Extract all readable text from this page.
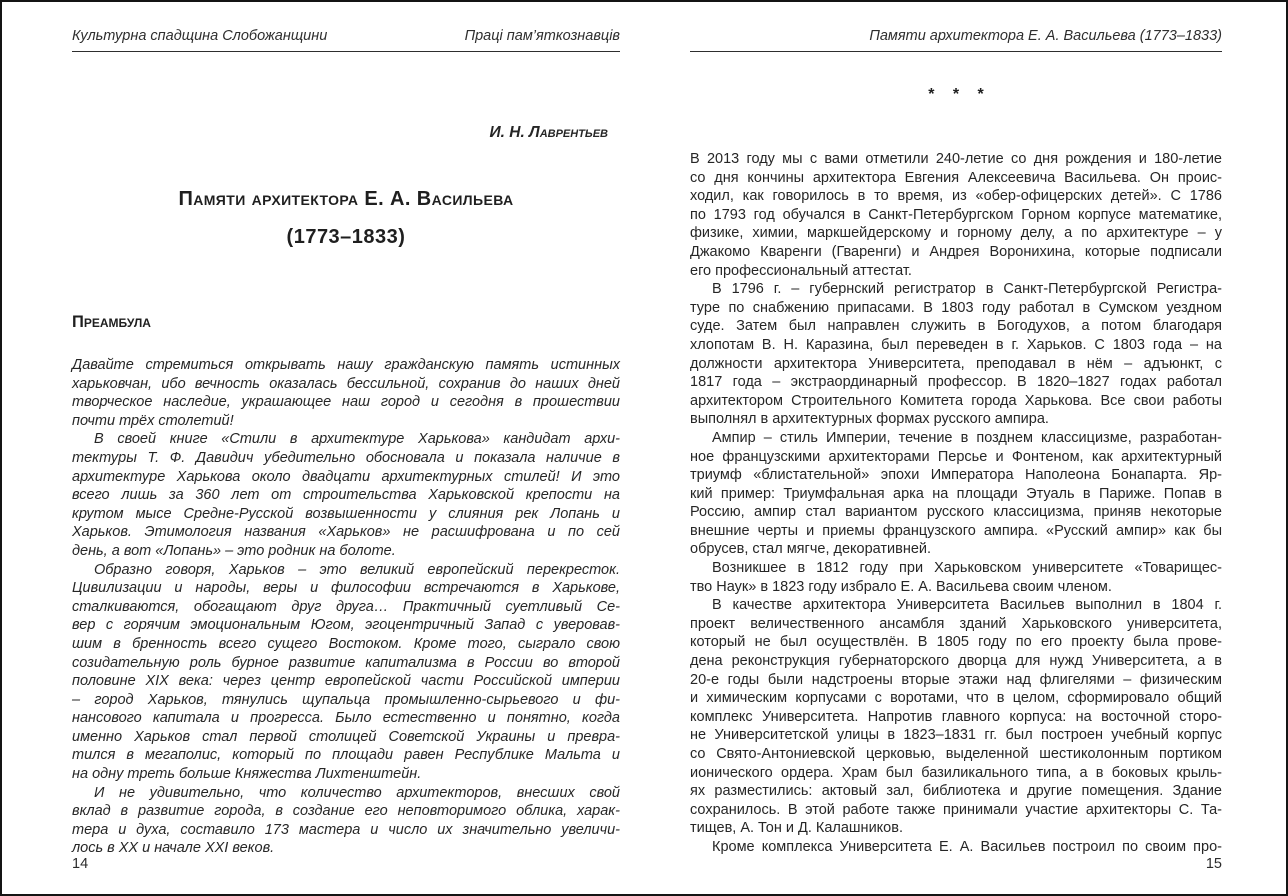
Культурна спадщина Слобожанщини	Праці пам’яткознавців
И. Н. Лаврентьев
Памяти архитектора Е. А. Васильева
(1773–1833)
Преамбула
Давайте стремиться открывать нашу гражданскую память истинных
харьковчан, ибо вечность оказалась бессильной, сохранив до наших дней
творческое наследие, украшающее наш город и сегодня в прошествии
почти трёх столетий!
В своей книге «Стили в архитектуре Харькова» кандидат архи-
тектуры Т. Ф. Давидич убедительно обосновала и показала наличие в
архитектуре Харькова около двадцати архитектурных стилей! И это
всего лишь за 360 лет от строительства Харьковской крепости на
крутом мысе Средне-Русской возвышенности у слияния рек Лопань и
Харьков. Этимология названия «Харьков» не расшифрована и по сей
день, а вот «Лопань» – это родник на болоте.
Образно говоря, Харьков – это великий европейский перекресток.
Цивилизации и народы, веры и философии встречаются в Харькове,
сталкиваются, обогащают друг друга… Практичный суетливый Се-
вер с горячим эмоциональным Югом, эгоцентричный Запад с уверовав-
шим в бренность всего сущего Востоком. Кроме того, сыграло свою
созидательную роль бурное развитие капитализма в России во второй
половине XIX века: через центр европейской части Российской империи
– город Харьков, тянулись щупальца промышленно-сырьевого и фи-
нансового капитала и прогресса. Было естественно и понятно, когда
именно Харьков стал первой столицей Советской Украины и превра-
тился в мегаполис, который по площади равен Республике Мальта и
на одну треть больше Княжества Лихтенштейн.
И не удивительно, что количество архитекторов, внесших свой
вклад в развитие города, в создание его неповторимого облика, харак-
тера и духа, составило 173 мастера и число их значительно увеличи-
лось в XX и начале XXI веков.
14
Памяти архитектора Е. А. Васильева (1773–1833)
* * *
В 2013 году мы с вами отметили 240-летие со дня рождения и 180-летие
со дня кончины архитектора Евгения Алексеевича Васильева. Он проис-
ходил, как говорилось в то время, из «обер-офицерских детей». С 1786
по 1793 год обучался в Санкт-Петербургском Горном корпусе математике,
физике, химии, маркшейдерскому и горному делу, а по архитектуре – у
Джакомо Кваренги (Гваренги) и Андрея Воронихина, которые подписали
его профессиональный аттестат.
В 1796 г. – губернский регистратор в Санкт-Петербургской Регистра-
туре по снабжению припасами. В 1803 году работал в Сумском уездном
суде. Затем был направлен служить в Богодухов, а потом благодаря
хлопотам В. Н. Каразина, был переведен в г. Харьков. С 1803 года – на
должности архитектора Университета, преподавал в нём – адъюнкт, с
1817 года – экстраординарный профессор. В 1820–1827 годах работал
архитектором Строительного Комитета города Харькова. Все свои работы
выполнял в архитектурных формах русского ампира.
Ампир – стиль Империи, течение в позднем классицизме, разработан-
ное французскими архитекторами Персье и Фонтеном, как архитектурный
триумф «блистательной» эпохи Императора Наполеона Бонапарта. Яр-
кий пример: Триумфальная арка на площади Этуаль в Париже. Попав в
Россию, ампир стал вариантом русского классицизма, приняв некоторые
внешние черты и приемы французского ампира. «Русский ампир» как бы
обрусев, стал мягче, декоративней.
Возникшее в 1812 году при Харьковском университете «Товарищес-
тво Наук» в 1823 году избрало Е. А. Васильева своим членом.
В качестве архитектора Университета Васильев выполнил в 1804 г.
проект величественного ансамбля зданий Харьковского университета,
который не был осуществлён. В 1805 году по его проекту была прове-
дена реконструкция губернаторского дворца для нужд Университета, а в
20-е годы были надстроены вторые этажи над флигелями – физическим
и химическим корпусами с воротами, что в целом, сформировало общий
комплекс Университета. Напротив главного корпуса: на восточной сторо-
не Университетской улицы в 1823–1831 гг. был построен учебный корпус
со Свято-Антониевской церковью, выделенной шестиколонным портиком
ионического ордера. Храм был базиликального типа, а в боковых крыль-
ях разместились: актовый зал, библиотека и другие помещения. Здание
сохранилось. В этой работе также принимали участие архитекторы С. Та-
тищев, А. Тон и Д. Калашников.
Кроме комплекса Университета Е. А. Васильев построил по своим про-
15
